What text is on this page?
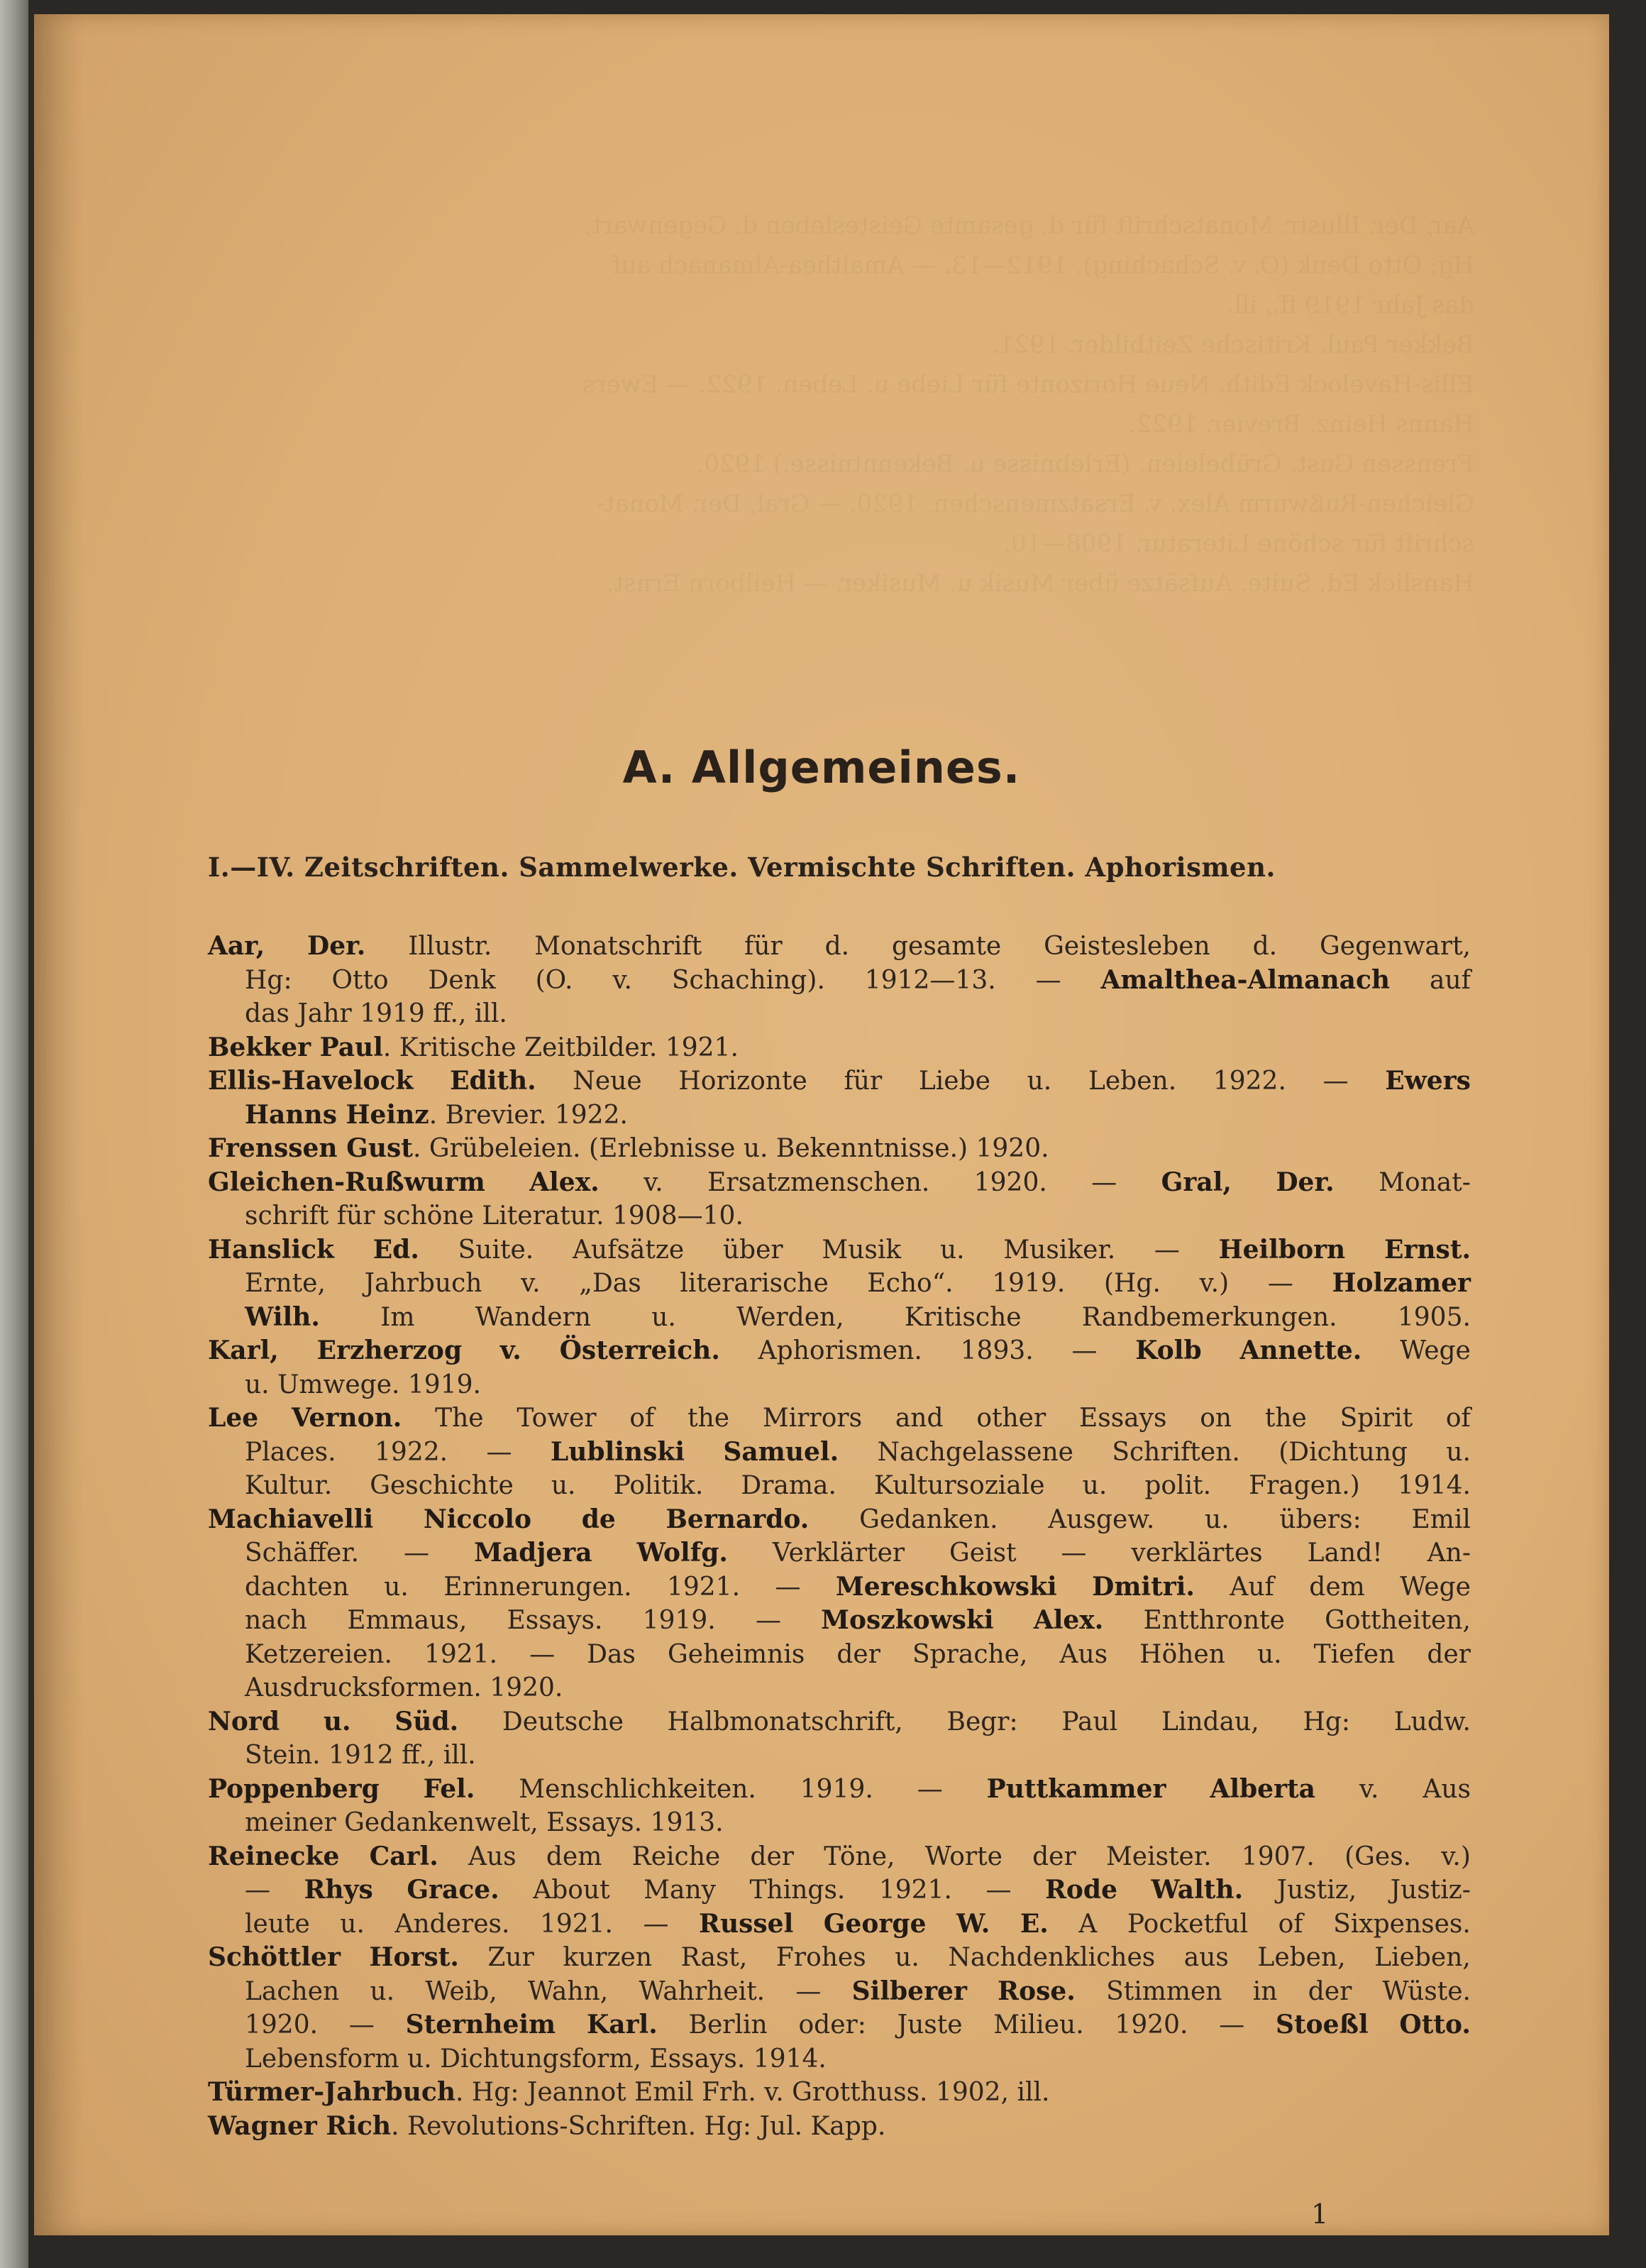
Aar, Der. Illustr. Monatschrift für d. gesamte Geistesleben d. Gegenwart,
Hg: Otto Denk (O. v. Schaching). 1912—13. — Amalthea-Almanach auf
das Jahr 1919 ff., ill.
Bekker Paul. Kritische Zeitbilder. 1921.
Ellis-Havelock Edith. Neue Horizonte für Liebe u. Leben. 1922. — Ewers
Hanns Heinz. Brevier. 1922.
Frenssen Gust. Grübeleien. (Erlebnisse u. Bekenntnisse.) 1920.
Gleichen-Rußwurm Alex. v. Ersatzmenschen. 1920. — Gral, Der. Monat-
schrift für schöne Literatur. 1908—10.
Hanslick Ed. Suite. Aufsätze über Musik u. Musiker. — Heilborn Ernst.
A. Allgemeines.
I.—IV. Zeitschriften. Sammelwerke. Vermischte Schriften. Aphorismen.
Aar, Der. Illustr. Monatschrift für d. gesamte Geistesleben d. Gegenwart,
Hg: Otto Denk (O. v. Schaching). 1912—13. — Amalthea-Almanach auf
das Jahr 1919 ff., ill.
Bekker Paul. Kritische Zeitbilder. 1921.
Ellis-Havelock Edith. Neue Horizonte für Liebe u. Leben. 1922. — Ewers
Hanns Heinz. Brevier. 1922.
Frenssen Gust. Grübeleien. (Erlebnisse u. Bekenntnisse.) 1920.
Gleichen-Rußwurm Alex. v. Ersatzmenschen. 1920. — Gral, Der. Monat-
schrift für schöne Literatur. 1908—10.
Hanslick Ed. Suite. Aufsätze über Musik u. Musiker. — Heilborn Ernst.
Ernte, Jahrbuch v. „Das literarische Echo“. 1919. (Hg. v.) — Holzamer
Wilh. Im Wandern u. Werden, Kritische Randbemerkungen. 1905.
Karl, Erzherzog v. Österreich. Aphorismen. 1893. — Kolb Annette. Wege
u. Umwege. 1919.
Lee Vernon. The Tower of the Mirrors and other Essays on the Spirit of
Places. 1922. — Lublinski Samuel. Nachgelassene Schriften. (Dichtung u.
Kultur. Geschichte u. Politik. Drama. Kultursoziale u. polit. Fragen.) 1914.
Machiavelli Niccolo de Bernardo. Gedanken. Ausgew. u. übers: Emil
Schäffer. — Madjera Wolfg. Verklärter Geist — verklärtes Land! An-
dachten u. Erinnerungen. 1921. — Mereschkowski Dmitri. Auf dem Wege
nach Emmaus, Essays. 1919. — Moszkowski Alex. Entthronte Gottheiten,
Ketzereien. 1921. — Das Geheimnis der Sprache, Aus Höhen u. Tiefen der
Ausdrucksformen. 1920.
Nord u. Süd. Deutsche Halbmonatschrift, Begr: Paul Lindau, Hg: Ludw.
Stein. 1912 ff., ill.
Poppenberg Fel. Menschlichkeiten. 1919. — Puttkammer Alberta v. Aus
meiner Gedankenwelt, Essays. 1913.
Reinecke Carl. Aus dem Reiche der Töne, Worte der Meister. 1907. (Ges. v.)
— Rhys Grace. About Many Things. 1921. — Rode Walth. Justiz, Justiz-
leute u. Anderes. 1921. — Russel George W. E. A Pocketful of Sixpenses.
Schöttler Horst. Zur kurzen Rast, Frohes u. Nachdenkliches aus Leben, Lieben,
Lachen u. Weib, Wahn, Wahrheit. — Silberer Rose. Stimmen in der Wüste.
1920. — Sternheim Karl. Berlin oder: Juste Milieu. 1920. — Stoeßl Otto.
Lebensform u. Dichtungsform, Essays. 1914.
Türmer-Jahrbuch. Hg: Jeannot Emil Frh. v. Grotthuss. 1902, ill.
Wagner Rich. Revolutions-Schriften. Hg: Jul. Kapp.
1
